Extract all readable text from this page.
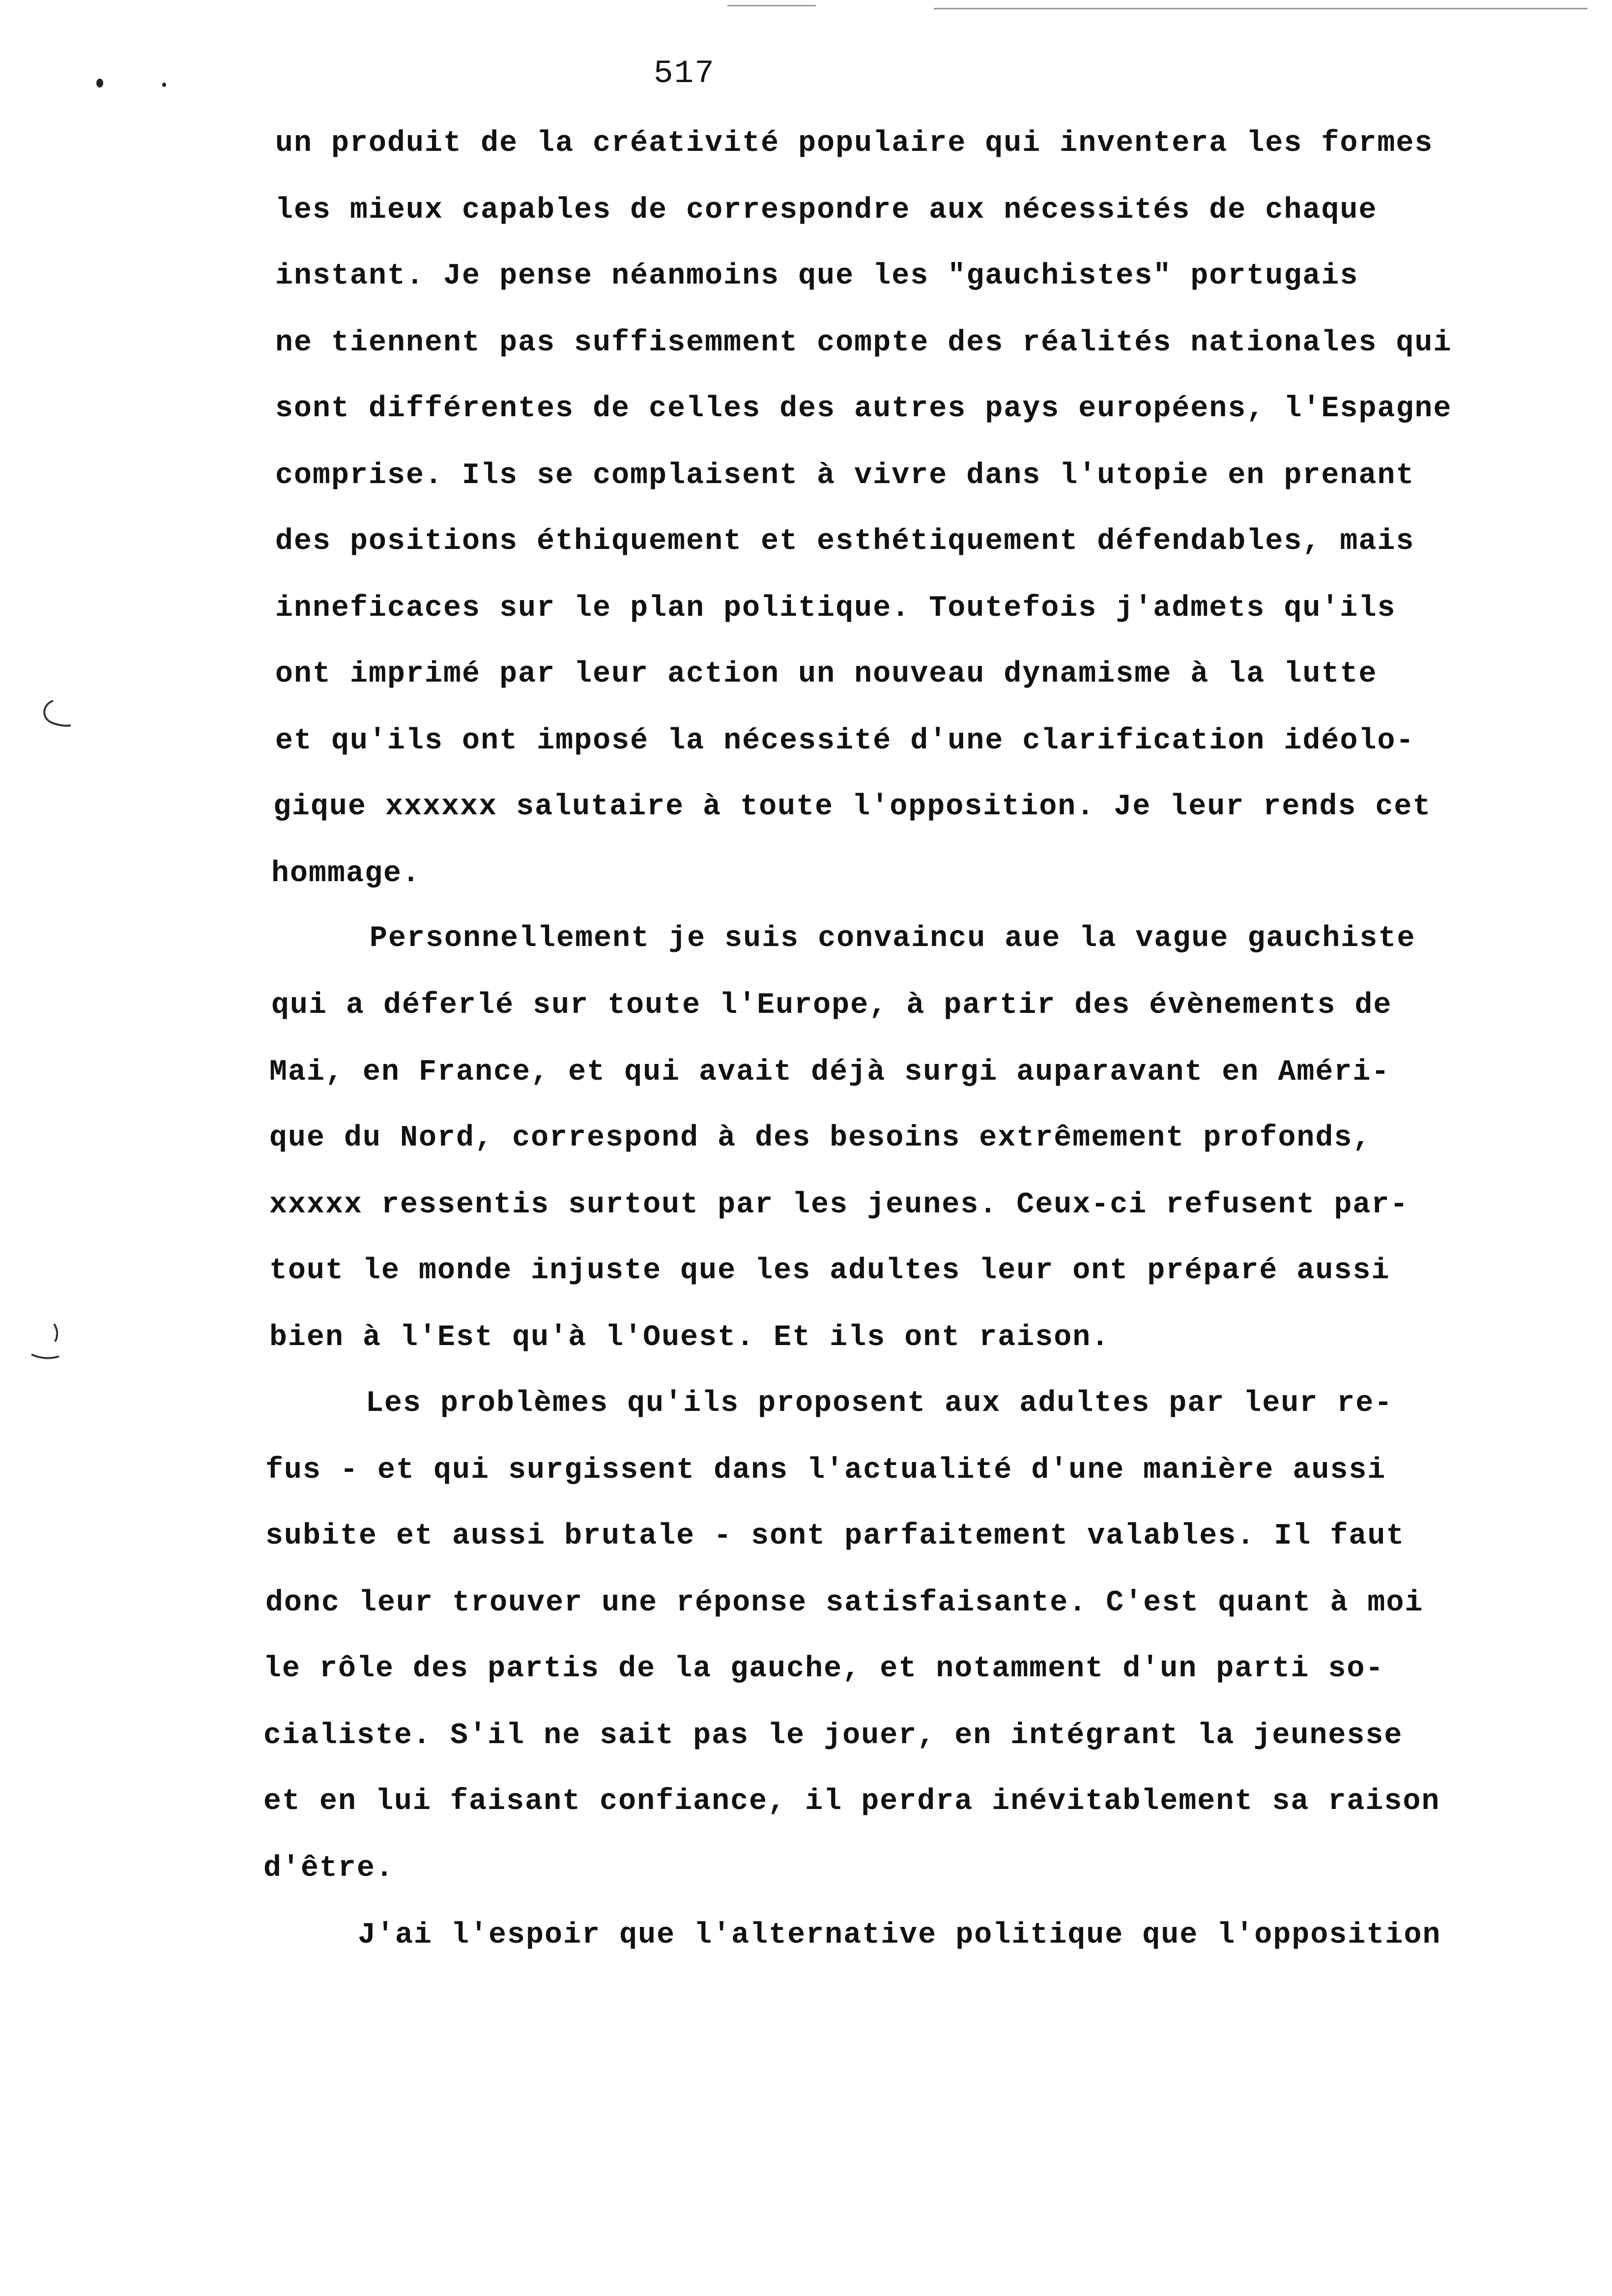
517
un produit de la créativité populaire qui inventera les formes
les mieux capables de correspondre aux nécessités de chaque
instant. Je pense néanmoins que les "gauchistes" portugais
ne tiennent pas suffisemment compte des réalités nationales qui
sont différentes de celles des autres pays européens, l'Espagne
comprise. Ils se complaisent à vivre dans l'utopie en prenant
des positions éthiquement et esthétiquement défendables, mais
inneficaces sur le plan politique. Toutefois j'admets qu'ils
ont imprimé par leur action un nouveau dynamisme à la lutte
et qu'ils ont imposé la nécessité d'une clarification idéolo-
gique xxxxxx salutaire à toute l'opposition. Je leur rends cet
hommage.
Personnellement je suis convaincu aue la vague gauchiste
qui a déferlé sur toute l'Europe, à partir des évènements de
Mai, en France, et qui avait déjà surgi auparavant en Améri-
que du Nord, correspond à des besoins extrêmement profonds,
xxxxx ressentis surtout par les jeunes. Ceux-ci refusent par-
tout le monde injuste que les adultes leur ont préparé aussi
bien à l'Est qu'à l'Ouest. Et ils ont raison.
Les problèmes qu'ils proposent aux adultes par leur re-
fus - et qui surgissent dans l'actualité d'une manière aussi
subite et aussi brutale - sont parfaitement valables. Il faut
donc leur trouver une réponse satisfaisante. C'est quant à moi
le rôle des partis de la gauche, et notamment d'un parti so-
cialiste. S'il ne sait pas le jouer, en intégrant la jeunesse
et en lui faisant confiance, il perdra inévitablement sa raison
d'être.
J'ai l'espoir que l'alternative politique que l'opposition
